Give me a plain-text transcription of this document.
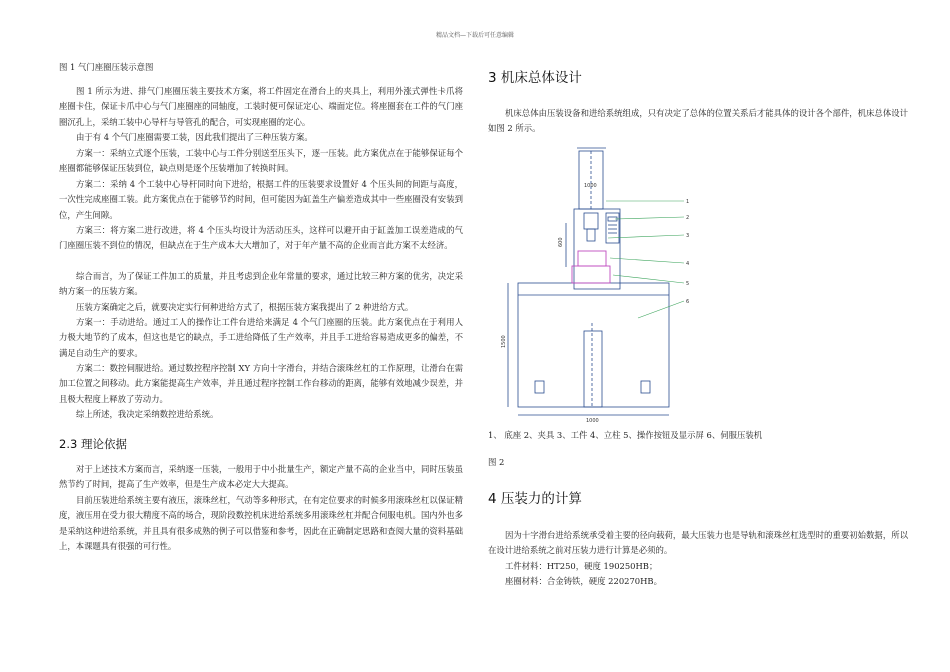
精品文档—下载后可任意编辑

图 1 气门座圈压装示意图

图 1 所示为进、排气门座圈压装主要技术方案，将工件固定在滑台上的夹具上，利用外涨式弹性卡爪将座圈卡住，保证卡爪中心与气门座圈座的同轴度，工装时便可保证定心、端面定位。将座圈套在工件的气门座圈沉孔上，采纳工装中心导杆与导管孔的配合，可实现座圈的定心。

由于有 4 个气门座圈需要工装，因此我们提出了三种压装方案。

方案一：采纳立式逐个压装，工装中心与工件分别送至压头下，逐一压装。此方案优点在于能够保证每个座圈都能够保证压装到位，缺点则是逐个压装增加了转换时间。

方案二：采纳 4 个工装中心导杆同时向下进给，根据工件的压装要求设置好 4 个压头间的间距与高度，一次性完成座圈工装。此方案优点在于能够节约时间，但可能因为缸盖生产偏差造成其中一些座圈没有安装到位，产生间隙。

方案三：将方案二进行改进，将 4 个压头均设计为活动压头，这样可以避开由于缸盖加工误差造成的气门座圈压装不到位的情况，但缺点在于生产成本大大增加了，对于年产量不高的企业而言此方案不太经济。

综合而言，为了保证工件加工的质量，并且考虑到企业年常量的要求，通过比较三种方案的优劣，决定采纳方案一的压装方案。

压装方案确定之后，就要决定实行何种进给方式了，根据压装方案我提出了 2 种进给方式。

方案一：手动进给。通过工人的操作让工件台进给来满足 4 个气门座圈的压装。此方案优点在于利用人力极大地节约了成本，但这也是它的缺点，手工进给降低了生产效率，并且手工进给容易造成更多的偏差，不满足自动生产的要求。

方案二：数控伺服进给。通过数控程序控制 XY 方向十字滑台，并结合滚珠丝杠的工作原理，让滑台在需加工位置之间移动。此方案能提高生产效率，并且通过程序控制工作台移动的距离，能够有效地减少误差，并且极大程度上释放了劳动力。

综上所述，我决定采纳数控进给系统。

2.3 理论依据

对于上述技术方案而言，采纳逐一压装，一般用于中小批量生产，额定产量不高的企业当中，同时压装虽然节约了时间，提高了生产效率，但是生产成本必定大大提高。

目前压装进给系统主要有液压，滚珠丝杠，气动等多种形式，在有定位要求的时候多用滚珠丝杠以保证精度，液压用在受力很大精度不高的场合，现阶段数控机床进给系统多用滚珠丝杠并配合伺服电机。国内外也多是采纳这种进给系统，并且具有很多成熟的例子可以借鉴和参考，因此在正确制定思路和查阅大量的资料基础上，本课题具有很强的可行性。

3 机床总体设计

机床总体由压装设备和进给系统组成，只有决定了总体的位置关系后才能具体的设计各个部件，机床总体设计如图 2 所示。

1、 底座 2、夹具 3、工件 4、立柱 5、操作按钮及显示屏 6、伺服压装机

图 2

4 压装力的计算

因为十字滑台进给系统承受着主要的径向载荷，最大压装力也是导轨和滚珠丝杠选型时的重要初始数据，所以在设计进给系统之前对压装力进行计算是必须的。

工件材料：HT250，硬度 190250HB；

座圈材料：合金铸铁，硬度 220270HB。

1
2
3
4
5
6
1000
600
1500
1000
